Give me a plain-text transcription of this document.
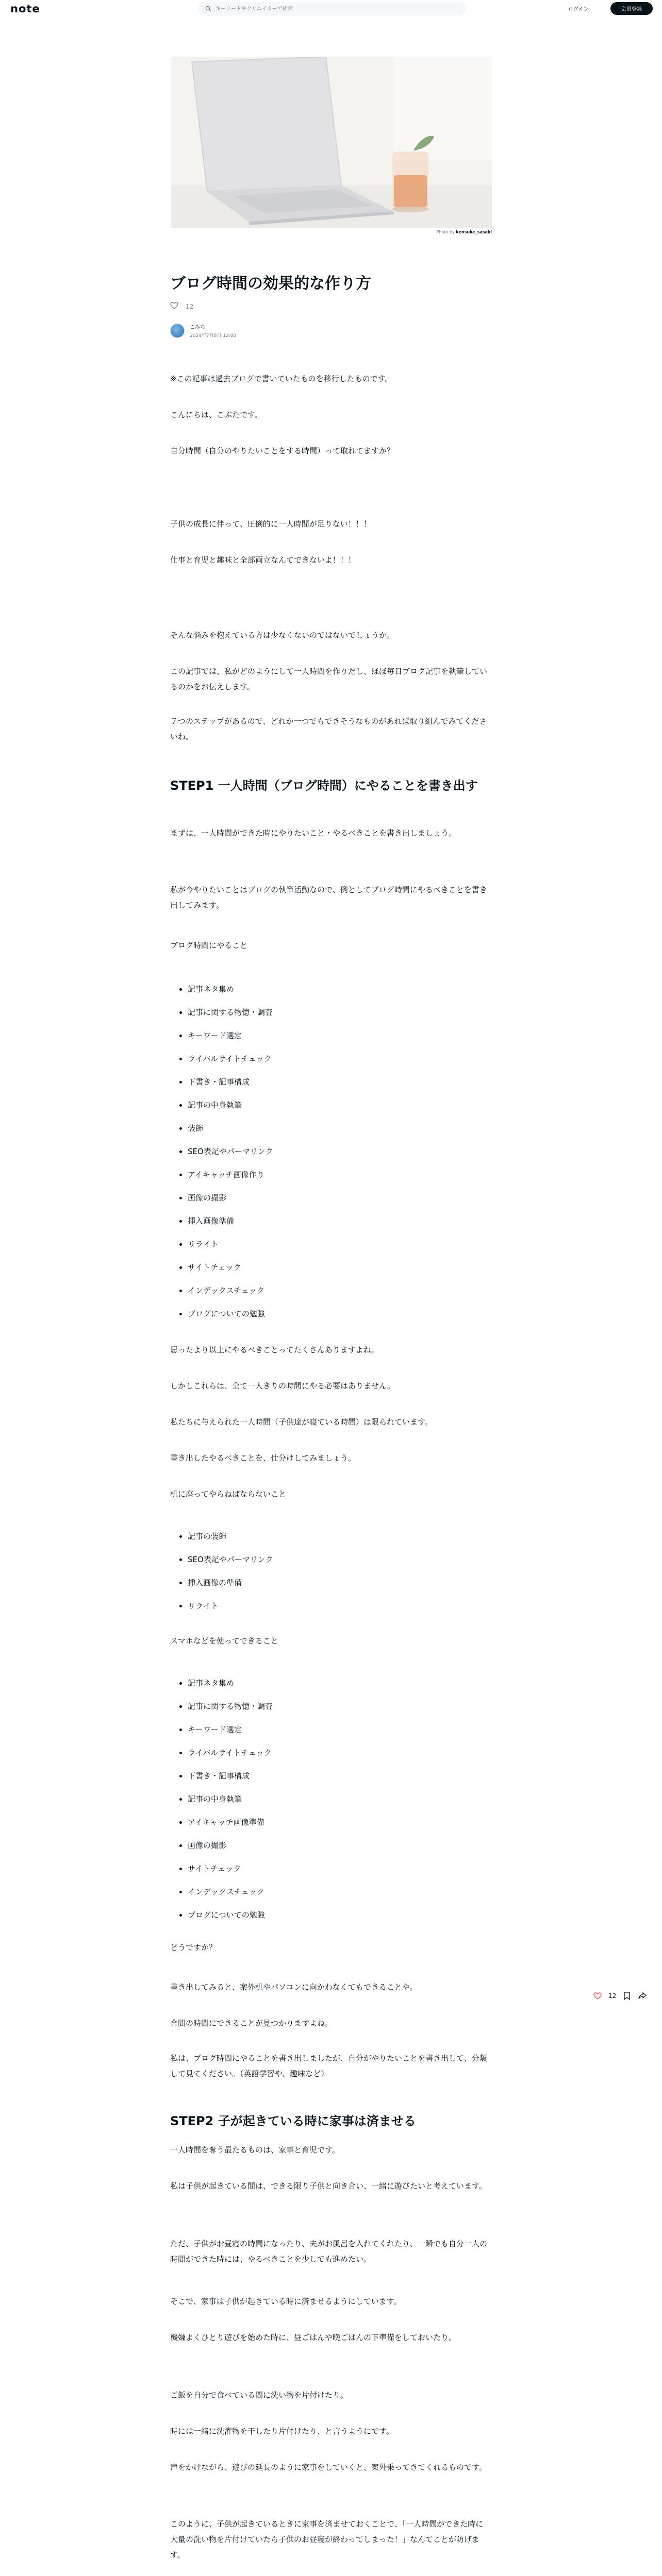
note
キーワードやクリエイターで検索	ログイン	会員登録
Photo by kensuke_sasaki
ブログ時間の効果的な作り方
12
こみち
2024年7月8日 12:00

※この記事は過去ブログで書いていたものを移行したものです。

こんにちは、こぶたです。

自分時間（自分のやりたいことをする時間）って取れてますか？

子供の成長に伴って、圧倒的に一人時間が足りない！！！

仕事と育児と趣味と全部両立なんてできないよ！！！

そんな悩みを抱えている方は少なくないのではないでしょうか。

この記事では、私がどのようにして一人時間を作りだし、ほぼ毎日ブログ記事を執筆しているのかをお伝えします。

７つのステップがあるので、どれか一つでもできそうなものがあれば取り組んでみてくださいね。

STEP1 一人時間（ブログ時間）にやることを書き出す

まずは、一人時間ができた時にやりたいこと・やるべきことを書き出しましょう。

私が今やりたいことはブログの執筆活動なので、例としてブログ時間にやるべきことを書き出してみます。

ブログ時間にやること

記事ネタ集め
記事に関する物憶・調査
キーワード選定
ライバルサイトチェック
下書き・記事構成
記事の中身執筆
装飾
SEO表記やパーマリンク
アイキャッチ画像作り
画像の撮影
挿入画像準備
リライト
サイトチェック
インデックスチェック
ブログについての勉強

思ったより以上にやるべきことってたくさんありますよね。

しかしこれらは、全て一人きりの時間にやる必要はありません。

私たちに与えられた一人時間（子供達が寝ている時間）は限られています。

書き出したやるべきことを、仕分けしてみましょう。

机に座ってやらねばならないこと

記事の装飾
SEO表記やパーマリンク
挿入画像の準備
リライト

スマホなどを使ってできること

記事ネタ集め
記事に関する物憶・調査
キーワード選定
ライバルサイトチェック
下書き・記事構成
記事の中身執筆
アイキャッチ画像準備
画像の撮影
サイトチェック
インデックスチェック
ブログについての勉強

どうですか？

書き出してみると、案外机やパソコンに向かわなくてもできることや。

合間の時間にできることが見つかりますよね。

私は、ブログ時間にやることを書き出しましたが、自分がやりたいことを書き出して、分類して見てください。（英語学習や、趣味など）

STEP2 子が起きている時に家事は済ませる

一人時間を奪う最たるものは、家事と育児です。

私は子供が起きている間は、できる限り子供と向き合い、一緒に遊びたいと考えています。

ただ、子供がお昼寝の時間になったり、夫がお風呂を入れてくれたり、一瞬でも自分一人の時間ができた時には、やるべきことを少しでも進めたい。

そこで、家事は子供が起きている時に済ませるようにしています。

機嫌よくひとり遊びを始めた時に、昼ごはんや晩ごはんの下準備をしておいたり。

ご飯を自分で食べている間に洗い物を片付けたり。

時には一緒に洗濯物を干したり片付けたり、と言うようにです。

声をかけながら、遊びの延長のように家事をしていくと、案外乗ってきてくれるものです。

このように、子供が起きているときに家事を済ませておくことで、「一人時間ができた時に大量の洗い物を片付けていたら子供のお昼寝が終わってしまった！」なんてことが防げます。

12
